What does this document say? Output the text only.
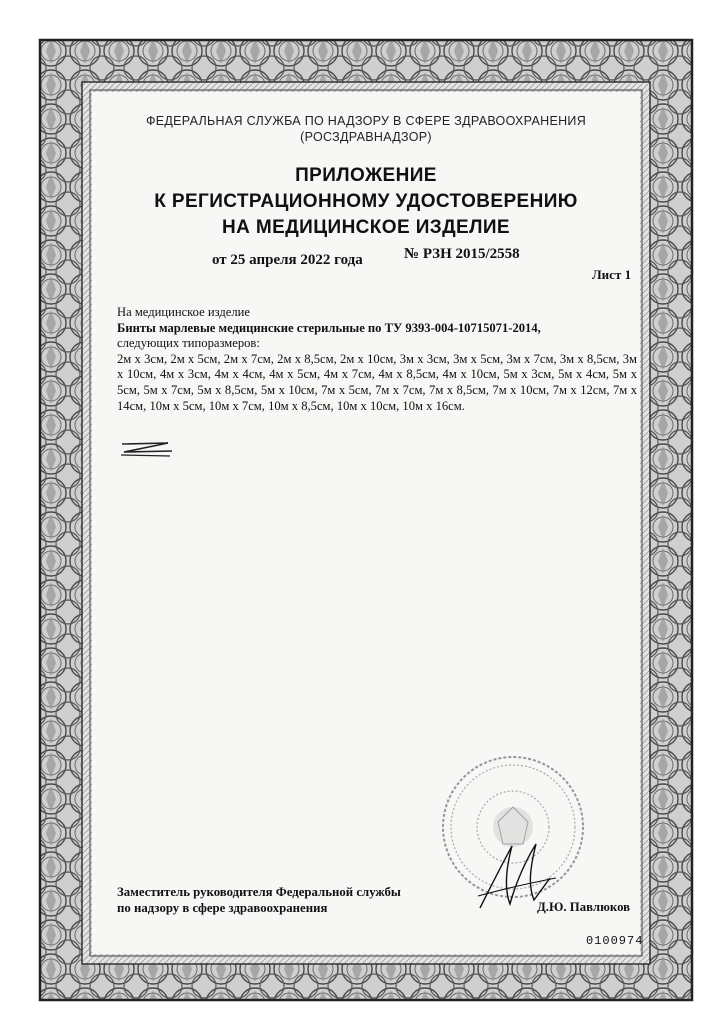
ФЕДЕРАЛЬНАЯ СЛУЖБА ПО НАДЗОРУ В СФЕРЕ ЗДРАВООХРАНЕНИЯ
(РОСЗДРАВНАДЗОР)
ПРИЛОЖЕНИЕ
К РЕГИСТРАЦИОННОМУ УДОСТОВЕРЕНИЮ
НА МЕДИЦИНСКОЕ ИЗДЕЛИЕ
от 25 апреля 2022 года	№ РЗН 2015/2558
Лист 1
На медицинское изделие
Бинты марлевые медицинские стерильные по ТУ 9393-004-10715071-2014,
следующих типоразмеров:
2м х 3см, 2м х 5см, 2м х 7см, 2м х 8,5см, 2м х 10см, 3м х 3см, 3м х 5см, 3м х 7см, 3м х 8,5см, 3м х 10см, 4м х 3см, 4м х 4см, 4м х 5см, 4м х 7см, 4м х 8,5см, 4м х 10см, 5м х 3см, 5м х 4см, 5м х 5см, 5м х 7см, 5м х 8,5см, 5м х 10см, 7м х 5см, 7м х 7см, 7м х 8,5см, 7м х 10см, 7м х 12см, 7м х 14см, 10м х 5см, 10м х 7см, 10м х 8,5см, 10м х 10см, 10м х 16см.
Заместитель руководителя Федеральной службы
по надзору в сфере здравоохранения	Д.Ю. Павлюков
0100974
